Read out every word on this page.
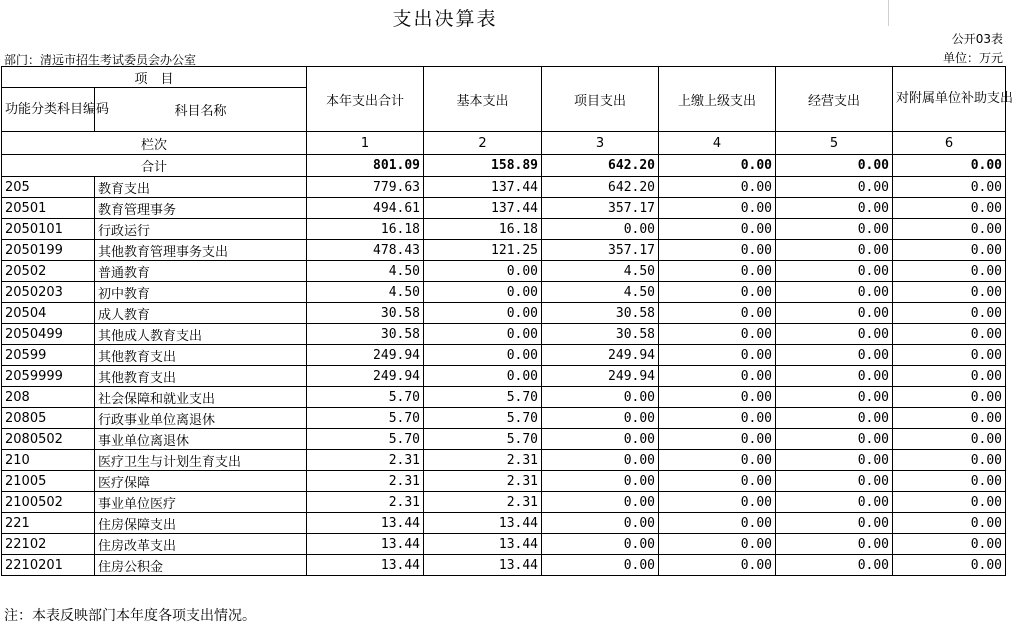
支出决算表
公开03表
部门：清远市招生考试委员会办公室	单位：万元
项　目		本年支出合计	基本支出	项目支出	上缴上级支出	经营支出	对附属单位补助支出
功能分类科目编码	科目名称						
栏次		1	2	3	4	5	6
合计		801.09	158.89	642.20	0.00	0.00	0.00
205	教育支出	779.63	137.44	642.20	0.00	0.00	0.00
20501	教育管理事务	494.61	137.44	357.17	0.00	0.00	0.00
2050101	行政运行	16.18	16.18	0.00	0.00	0.00	0.00
2050199	其他教育管理事务支出	478.43	121.25	357.17	0.00	0.00	0.00
20502	普通教育	4.50	0.00	4.50	0.00	0.00	0.00
2050203	初中教育	4.50	0.00	4.50	0.00	0.00	0.00
20504	成人教育	30.58	0.00	30.58	0.00	0.00	0.00
2050499	其他成人教育支出	30.58	0.00	30.58	0.00	0.00	0.00
20599	其他教育支出	249.94	0.00	249.94	0.00	0.00	0.00
2059999	其他教育支出	249.94	0.00	249.94	0.00	0.00	0.00
208	社会保障和就业支出	5.70	5.70	0.00	0.00	0.00	0.00
20805	行政事业单位离退休	5.70	5.70	0.00	0.00	0.00	0.00
2080502	事业单位离退休	5.70	5.70	0.00	0.00	0.00	0.00
210	医疗卫生与计划生育支出	2.31	2.31	0.00	0.00	0.00	0.00
21005	医疗保障	2.31	2.31	0.00	0.00	0.00	0.00
2100502	事业单位医疗	2.31	2.31	0.00	0.00	0.00	0.00
221	住房保障支出	13.44	13.44	0.00	0.00	0.00	0.00
22102	住房改革支出	13.44	13.44	0.00	0.00	0.00	0.00
2210201	住房公积金	13.44	13.44	0.00	0.00	0.00	0.00
注：本表反映部门本年度各项支出情况。
